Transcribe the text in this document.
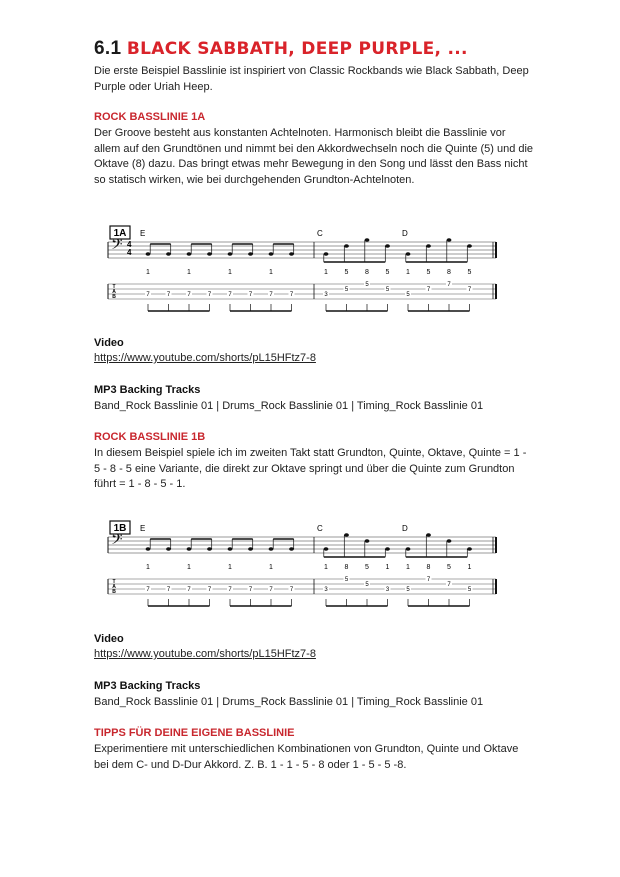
6.1 BLACK SABBATH, DEEP PURPLE, ...
Die erste Beispiel Basslinie ist inspiriert von Classic Rockbands wie Black Sabbath, Deep Purple oder Uriah Heep.
ROCK BASSLINIE 1A
Der Groove besteht aus konstanten Achtelnoten. Harmonisch bleibt die Basslinie vor allem auf den Grundtönen und nimmt bei den Akkordwechseln noch die Quinte (5) und die Oktave (8) dazu. Das bringt etwas mehr Bewegung in den Song und lässt den Bass nicht so statisch wirken, wie bei durchgehenden Grundton-Achtelnoten.
Video
https://www.youtube.com/shorts/pL15HFtz7-8
MP3 Backing Tracks
Band_Rock Basslinie 01 | Drums_Rock Basslinie 01 | Timing_Rock Basslinie 01
ROCK BASSLINIE 1B
In diesem Beispiel spiele ich im zweiten Takt statt Grundton, Quinte, Oktave, Quinte = 1 - 5 - 8 - 5 eine Variante, die direkt zur Oktave springt und über die Quinte zum Grundton führt = 1 - 8 - 5 - 1.
Video
https://www.youtube.com/shorts/pL15HFtz7-8
MP3 Backing Tracks
Band_Rock Basslinie 01 | Drums_Rock Basslinie 01 | Timing_Rock Basslinie 01
TIPPS FÜR DEINE EIGENE BASSLINIE
Experimentiere mit unterschiedlichen Kombinationen von Grundton, Quinte und Oktave bei dem C- und D-Dur Akkord. Z. B. 1 - 1 - 5 - 8 oder 1 - 5 - 5 -8.
1A E	C	D
1	1	1	1	1 5 8 5 1 5 8 5
𝄢 4
4
T
A
B	7	7	7	7	7	7	7	7	3
5
5
5
5
7
7
7
1B E	C	D
1	1	1	1	1 8 5 1 1 8 5 1
𝄢
T
A
B	7	7	7	7	7	7	7	7	3
5
5
3	5
7
7
5
